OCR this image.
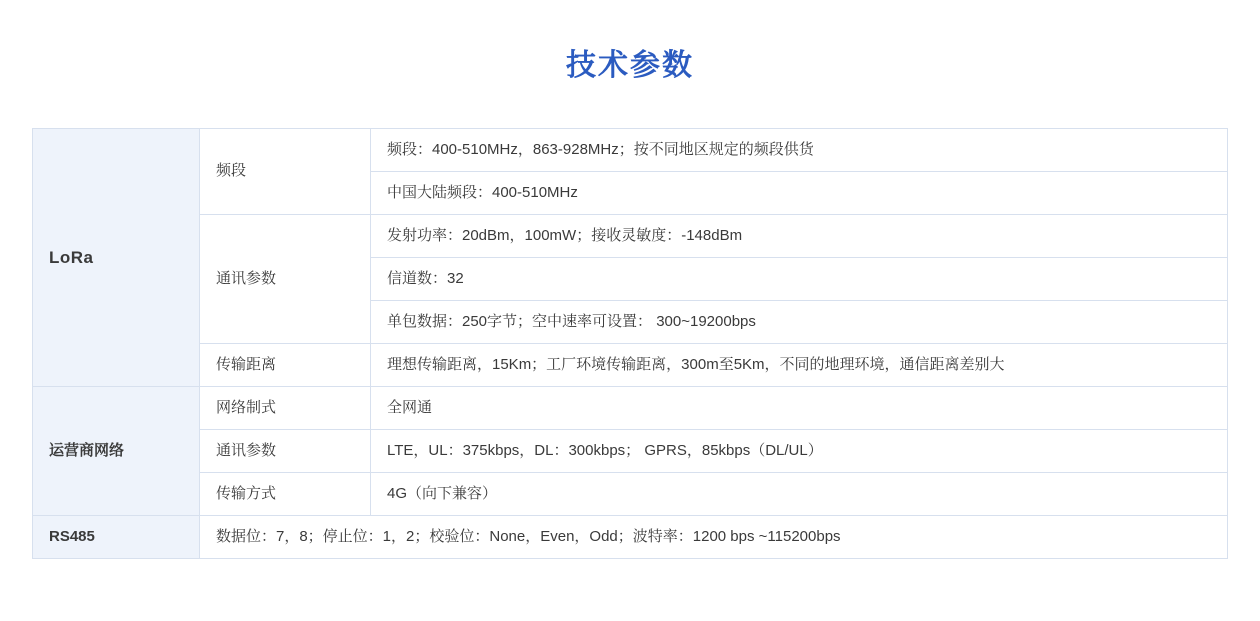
技术参数
LoRa	频段	频段：400-510MHz，863-928MHz；按不同地区规定的频段供货
		中国大陆频段：400-510MHz
	通讯参数	发射功率：20dBm，100mW；接收灵敏度：-148dBm
		信道数：32
		单包数据：250字节；空中速率可设置： 300~19200bps
	传输距离	理想传输距离，15Km；工厂环境传输距离，300m至5Km，不同的地理环境，通信距离差别大
运营商网络	网络制式	全网通
	通讯参数	LTE，UL：375kbps，DL：300kbps； GPRS，85kbps（DL/UL）
	传输方式	4G（向下兼容）
RS485	数据位：7，8；停止位：1，2；校验位：None，Even，Odd；波特率：1200 bps ~115200bps	
